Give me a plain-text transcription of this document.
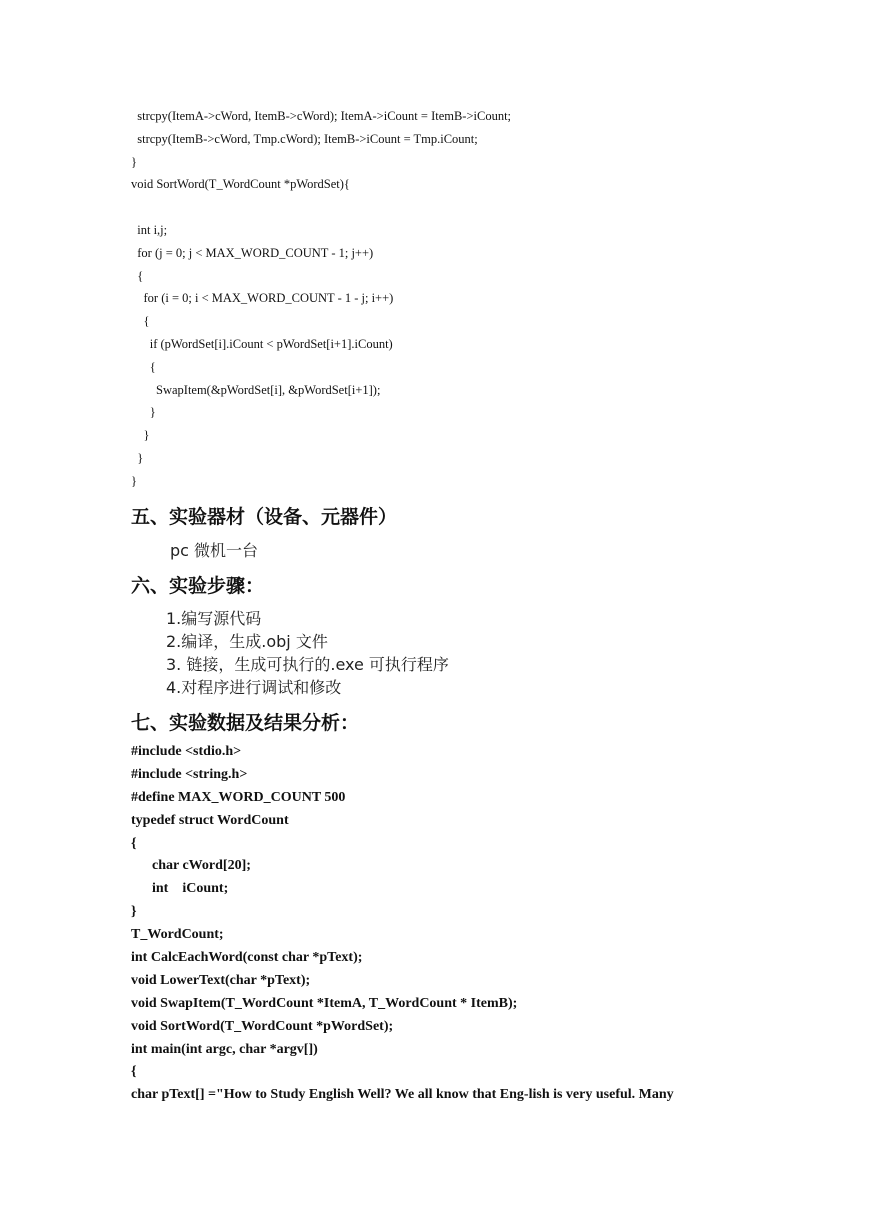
strcpy(ItemA->cWord, ItemB->cWord); ItemA->iCount = ItemB->iCount;
strcpy(ItemB->cWord, Tmp.cWord); ItemB->iCount = Tmp.iCount;
}
void SortWord(T_WordCount *pWordSet){
int i,j;
for (j = 0; j < MAX_WORD_COUNT - 1; j++)
{
for (i = 0; i < MAX_WORD_COUNT - 1 - j; i++)
{
if (pWordSet[i].iCount < pWordSet[i+1].iCount)
{
SwapItem(&pWordSet[i], &pWordSet[i+1]);
}
}
}
}
五、实验器材（设备、元器件）
pc 微机一台
六、实验步骤：
1.编写源代码
2.编译，生成.obj 文件
3. 链接，生成可执行的.exe 可执行程序
4.对程序进行调试和修改
七、实验数据及结果分析：
#include <stdio.h>
#include <string.h>
#define MAX_WORD_COUNT 500
typedef struct WordCount
{
char cWord[20];
int    iCount;
}
T_WordCount;
int CalcEachWord(const char *pText);
void LowerText(char *pText);
void SwapItem(T_WordCount *ItemA, T_WordCount * ItemB);
void SortWord(T_WordCount *pWordSet);
int main(int argc, char *argv[])
{
char pText[] ="How to Study English Well? We all know that Eng-lish is very useful. Many
